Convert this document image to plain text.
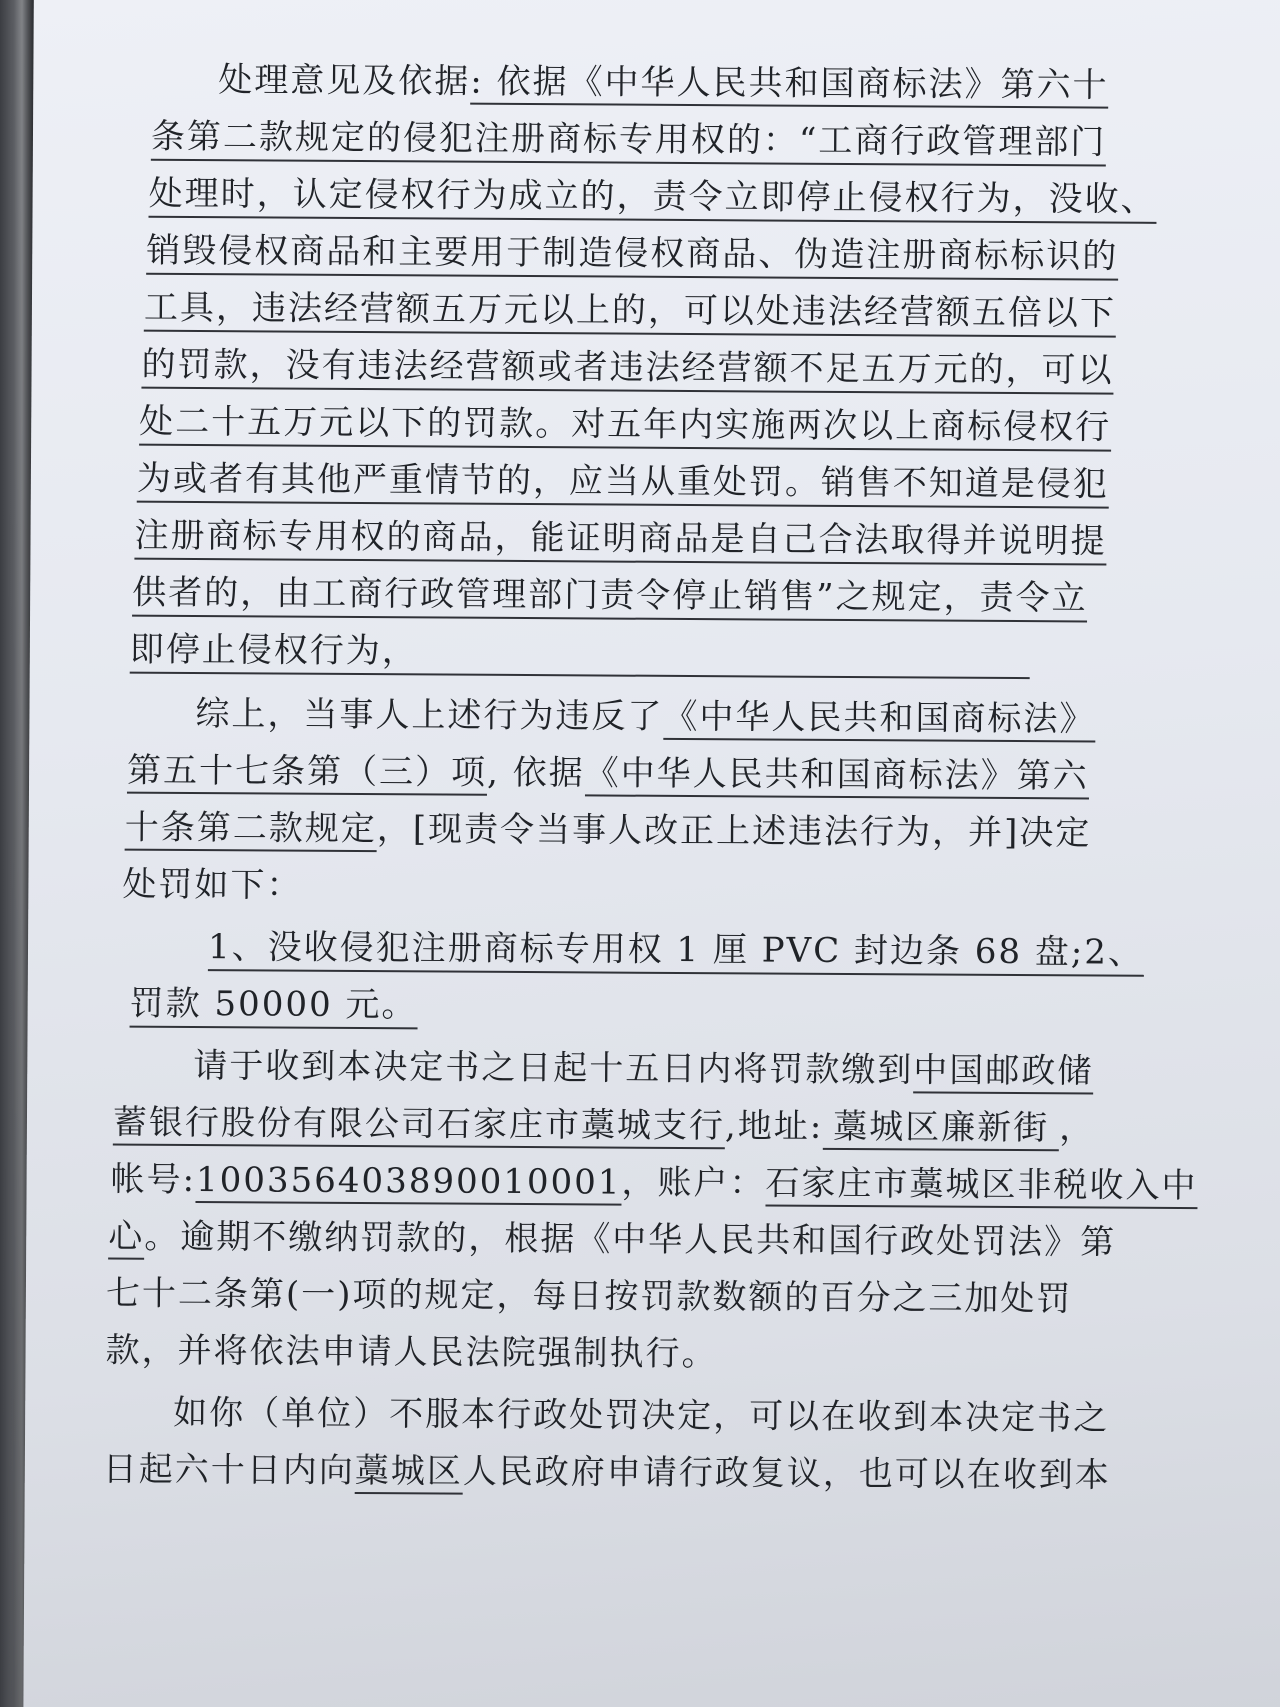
处理意见及依据: 依据《中华人民共和国商标法》第六十
条第二款规定的侵犯注册商标专用权的：“工商行政管理部门
处理时，认定侵权行为成立的，责令立即停止侵权行为，没收、
销毁侵权商品和主要用于制造侵权商品、伪造注册商标标识的
工具，违法经营额五万元以上的，可以处违法经营额五倍以下
的罚款，没有违法经营额或者违法经营额不足五万元的，可以
处二十五万元以下的罚款。对五年内实施两次以上商标侵权行
为或者有其他严重情节的，应当从重处罚。销售不知道是侵犯
注册商标专用权的商品，能证明商品是自己合法取得并说明提
供者的，由工商行政管理部门责令停止销售”之规定，责令立
即停止侵权行为，
综上，当事人上述行为违反了《中华人民共和国商标法》
第五十七条第（三）项, 依据《中华人民共和国商标法》第六
十条第二款规定，[现责令当事人改正上述违法行为，并]决定
处罚如下：
1、没收侵犯注册商标专用权 1 厘 PVC 封边条 68 盘;2、
罚款 50000 元。
请于收到本决定书之日起十五日内将罚款缴到中国邮政储
蓄银行股份有限公司石家庄市藁城支行,地址: 藁城区廉新街 ，
帐号:100356403890010001，账户：石家庄市藁城区非税收入中
心。逾期不缴纳罚款的，根据《中华人民共和国行政处罚法》第
七十二条第(一)项的规定，每日按罚款数额的百分之三加处罚
款，并将依法申请人民法院强制执行。
如你（单位）不服本行政处罚决定，可以在收到本决定书之
日起六十日内向藁城区人民政府申请行政复议，也可以在收到本
